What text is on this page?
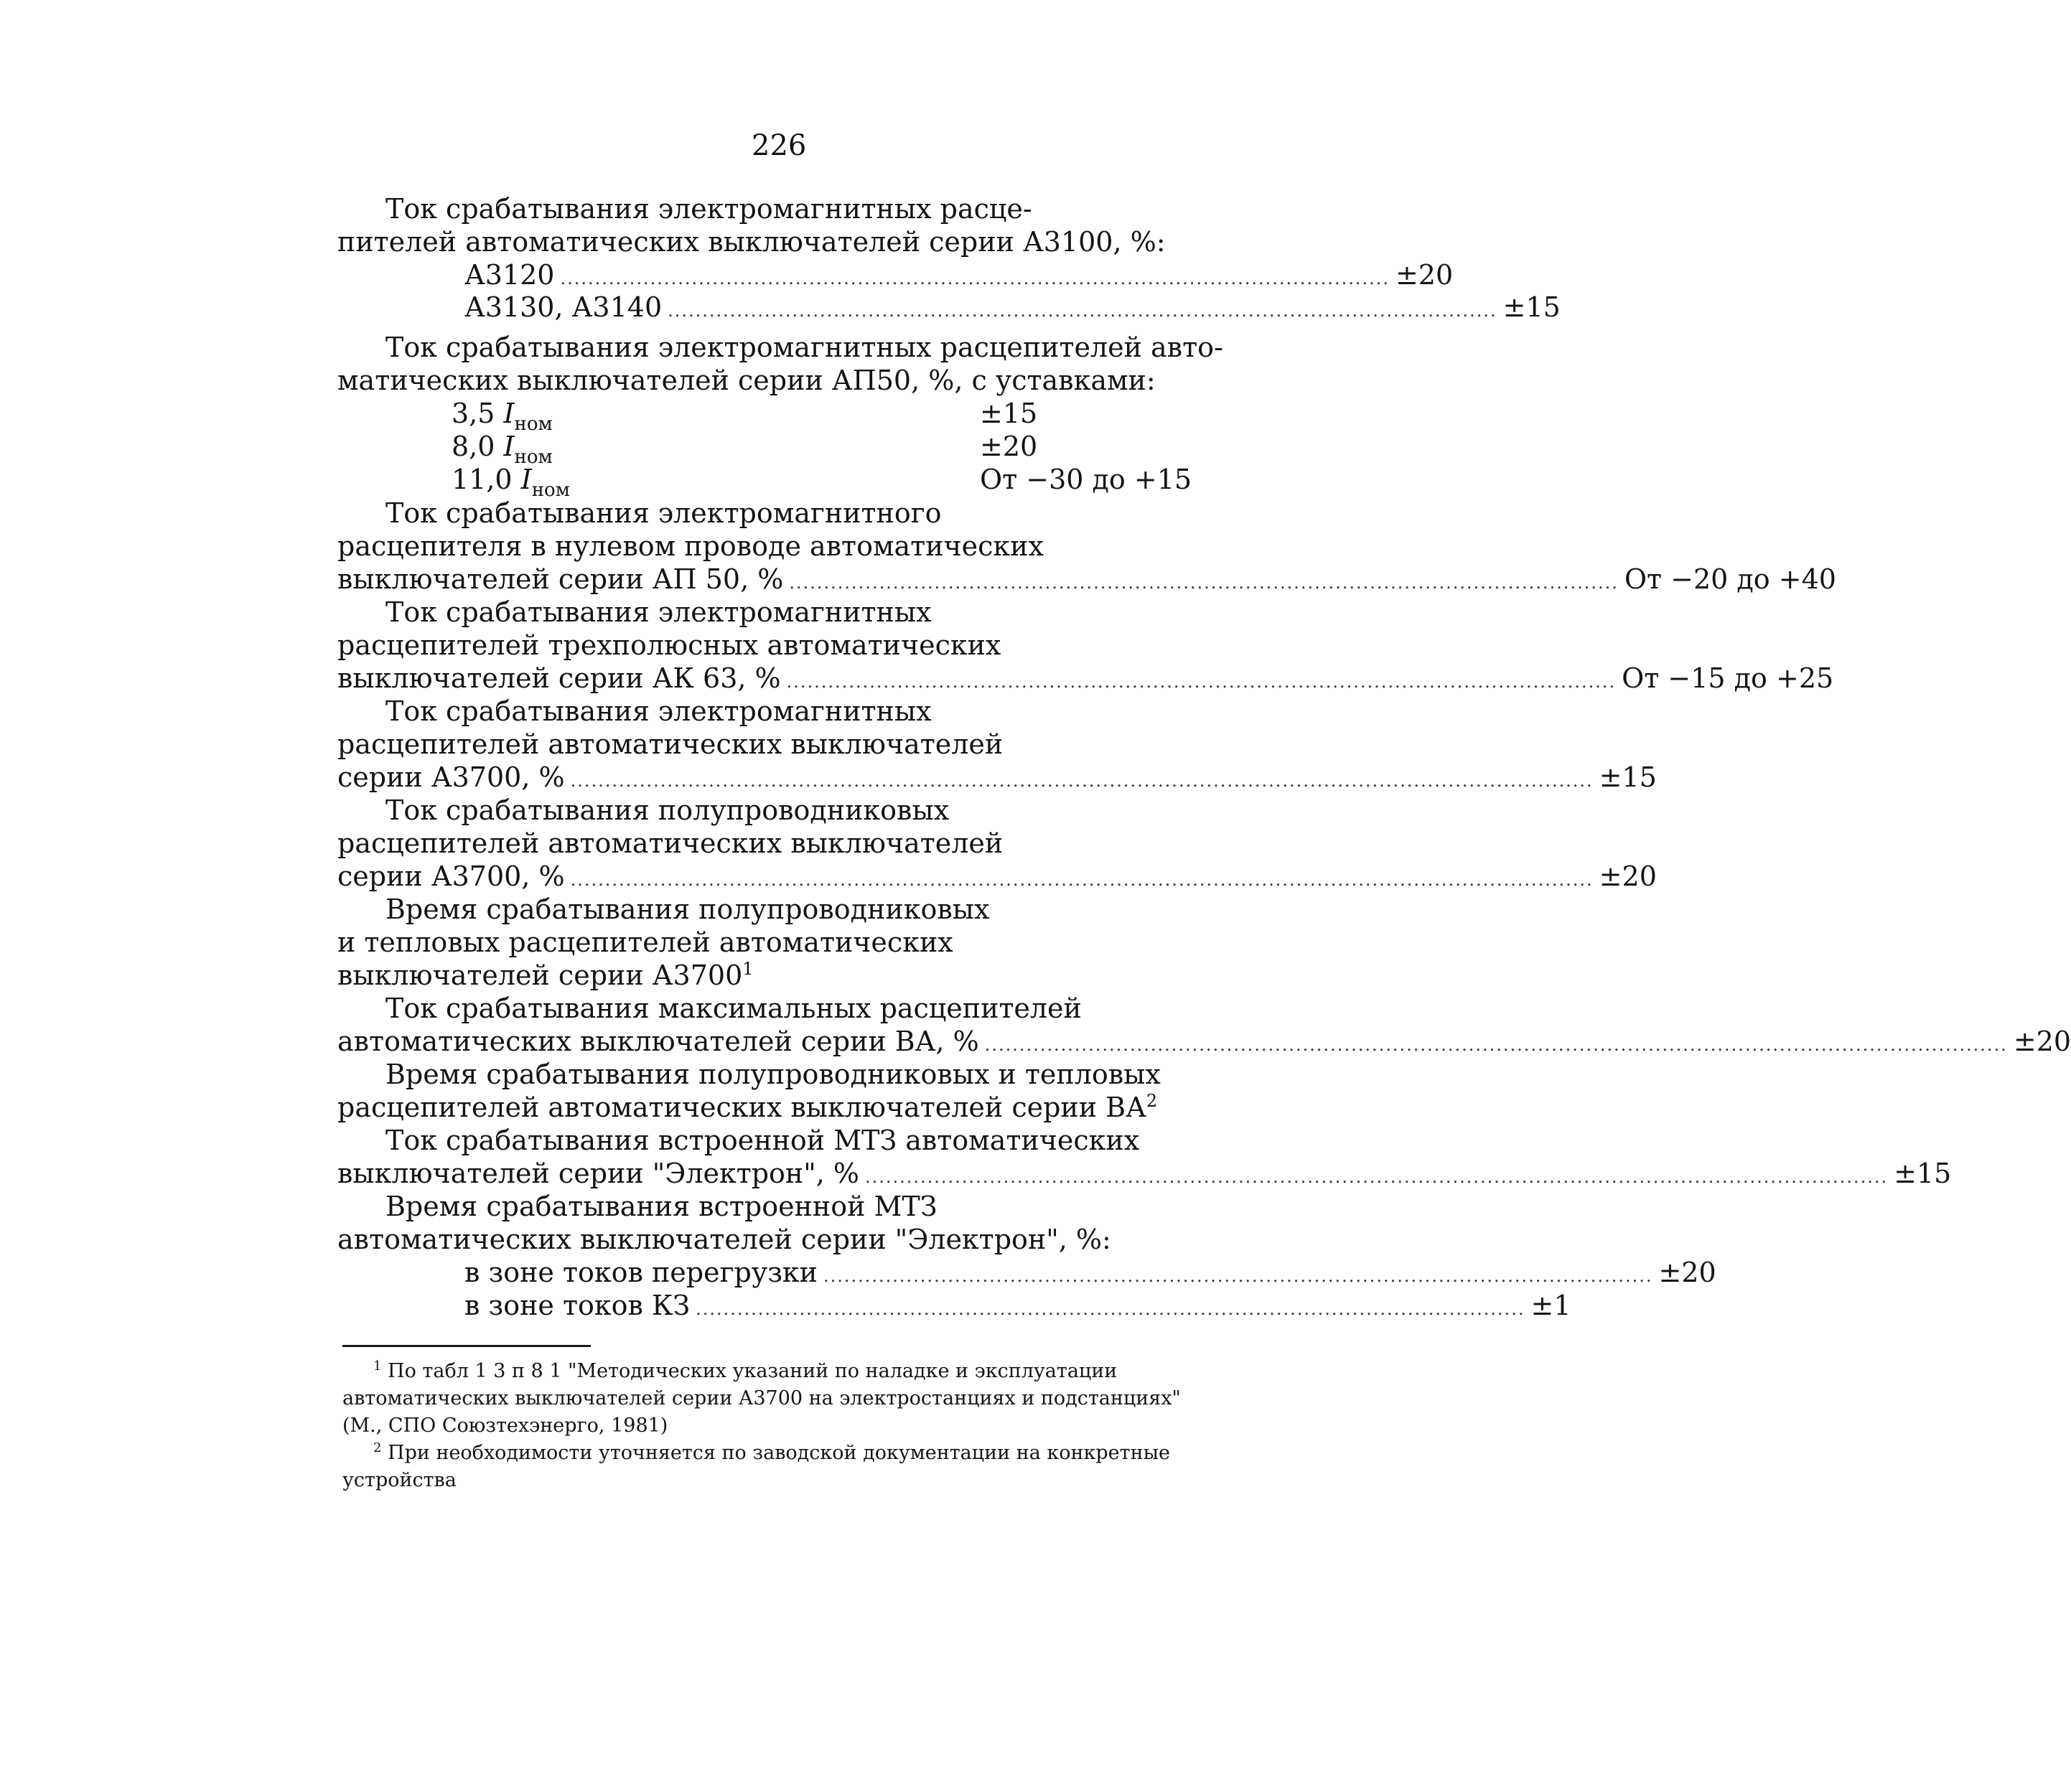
226
Ток срабатывания электромагнитных расце-
пителей автоматических выключателей серии А3100, %:
А3120 ........................................................................................................................ ±20
А3130, А3140 ........................................................................................................................ ±15
Ток срабатывания электромагнитных расцепителей авто-
матических выключателей серии АП50, %, с уставками:
3,5 $I_{ном}$	±15
8,0 $I_{ном}$	±20
11,0 $I_{ном}$	От −30 до +15
Ток срабатывания электромагнитного
расцепителя в нулевом проводе автоматических
выключателей серии АП 50, % ........................................................................................................................ От −20 до +40
Ток срабатывания электромагнитных
расцепителей трехполюсных автоматических
выключателей серии АК 63, % ........................................................................................................................ От −15 до +25
Ток срабатывания электромагнитных
расцепителей автоматических выключателей
серии А3700, % .................................................................................................................................................... ±15
Ток срабатывания полупроводниковых
расцепителей автоматических выключателей
серии А3700, % .................................................................................................................................................... ±20
Время срабатывания полупроводниковых
и тепловых расцепителей автоматических
выключателей серии А3700$^1$
Ток срабатывания максимальных расцепителей
автоматических выключателей серии ВА, % .................................................................................................................................................... ±20
Время срабатывания полупроводниковых и тепловых
расцепителей автоматических выключателей серии $ВА^2$
Ток срабатывания встроенной МТЗ автоматических
выключателей серии "Электрон", % .................................................................................................................................................... ±15
Время срабатывания встроенной МТЗ
автоматических выключателей серии "Электрон", %:
в зоне токов перегрузки ........................................................................................................................ ±20
в зоне токов КЗ ........................................................................................................................ ±1
$^1$ По табл 1 3 п 8 1 "Методических указаний по наладке и эксплуатации
автоматических выключателей серии А3700 на электростанциях и подстанциях"
(М., СПО Союзтехэнерго, 1981)
$^2$ При необходимости уточняется по заводской документации на конкретные
устройства
